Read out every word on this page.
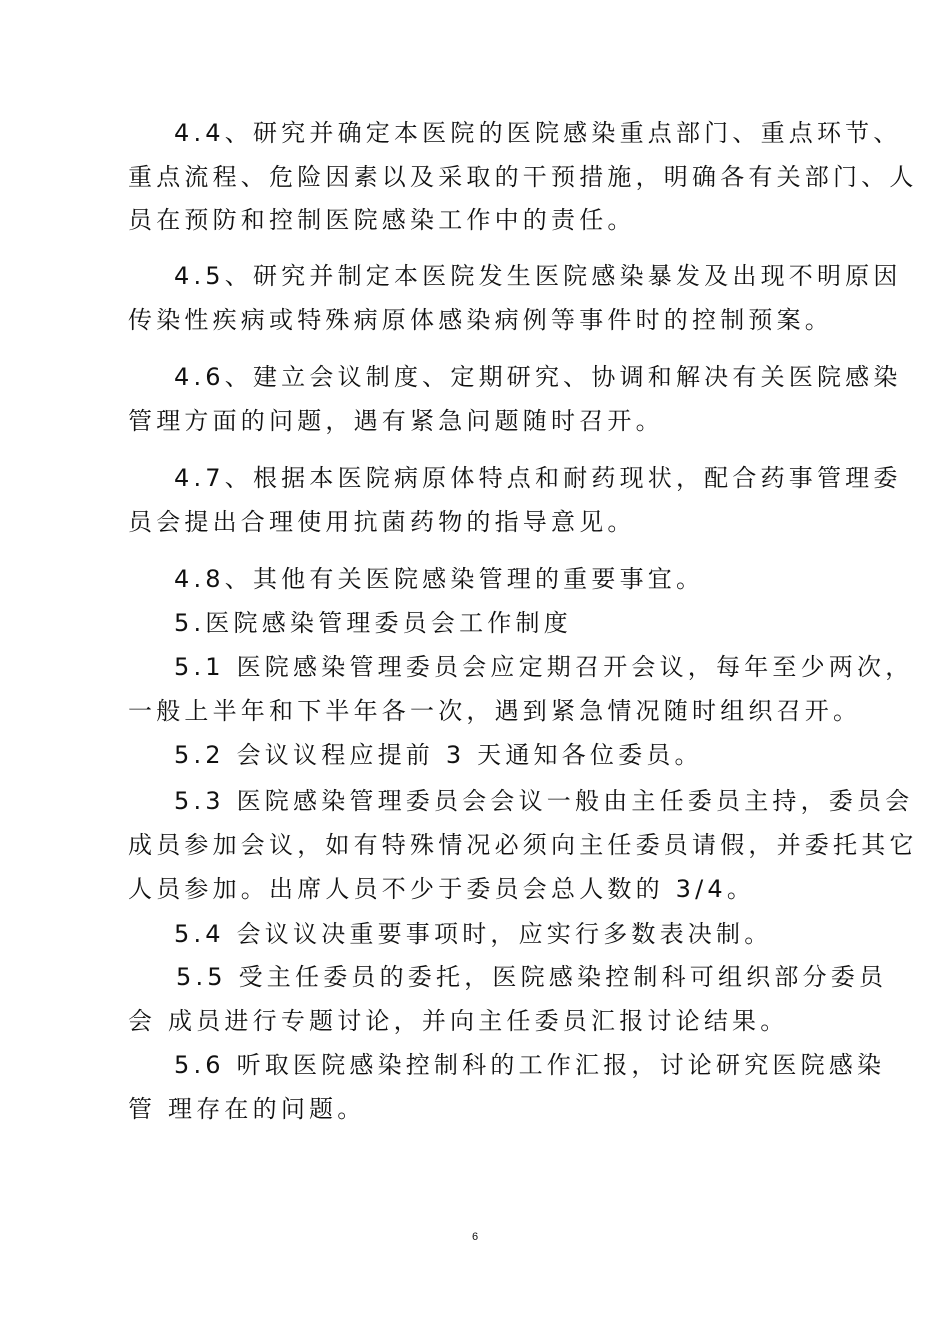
4.4、研究并确定本医院的医院感染重点部门、重点环节、
重点流程、危险因素以及采取的干预措施，明确各有关部门、人
员在预防和控制医院感染工作中的责任。
4.5、研究并制定本医院发生医院感染暴发及出现不明原因
传染性疾病或特殊病原体感染病例等事件时的控制预案。
4.6、建立会议制度、定期研究、协调和解决有关医院感染
管理方面的问题，遇有紧急问题随时召开。
4.7、根据本医院病原体特点和耐药现状，配合药事管理委
员会提出合理使用抗菌药物的指导意见。
4.8、其他有关医院感染管理的重要事宜。
5.医院感染管理委员会工作制度
5.1 医院感染管理委员会应定期召开会议，每年至少两次，
一般上半年和下半年各一次，遇到紧急情况随时组织召开。
5.2 会议议程应提前 3 天通知各位委员。
5.3 医院感染管理委员会会议一般由主任委员主持，委员会
成员参加会议，如有特殊情况必须向主任委员请假，并委托其它
人员参加。出席人员不少于委员会总人数的 3/4。
5.4 会议议决重要事项时，应实行多数表决制。
5.5 受主任委员的委托，医院感染控制科可组织部分委员
会 成员进行专题讨论，并向主任委员汇报讨论结果。
5.6 听取医院感染控制科的工作汇报，讨论研究医院感染
管 理存在的问题。
6
